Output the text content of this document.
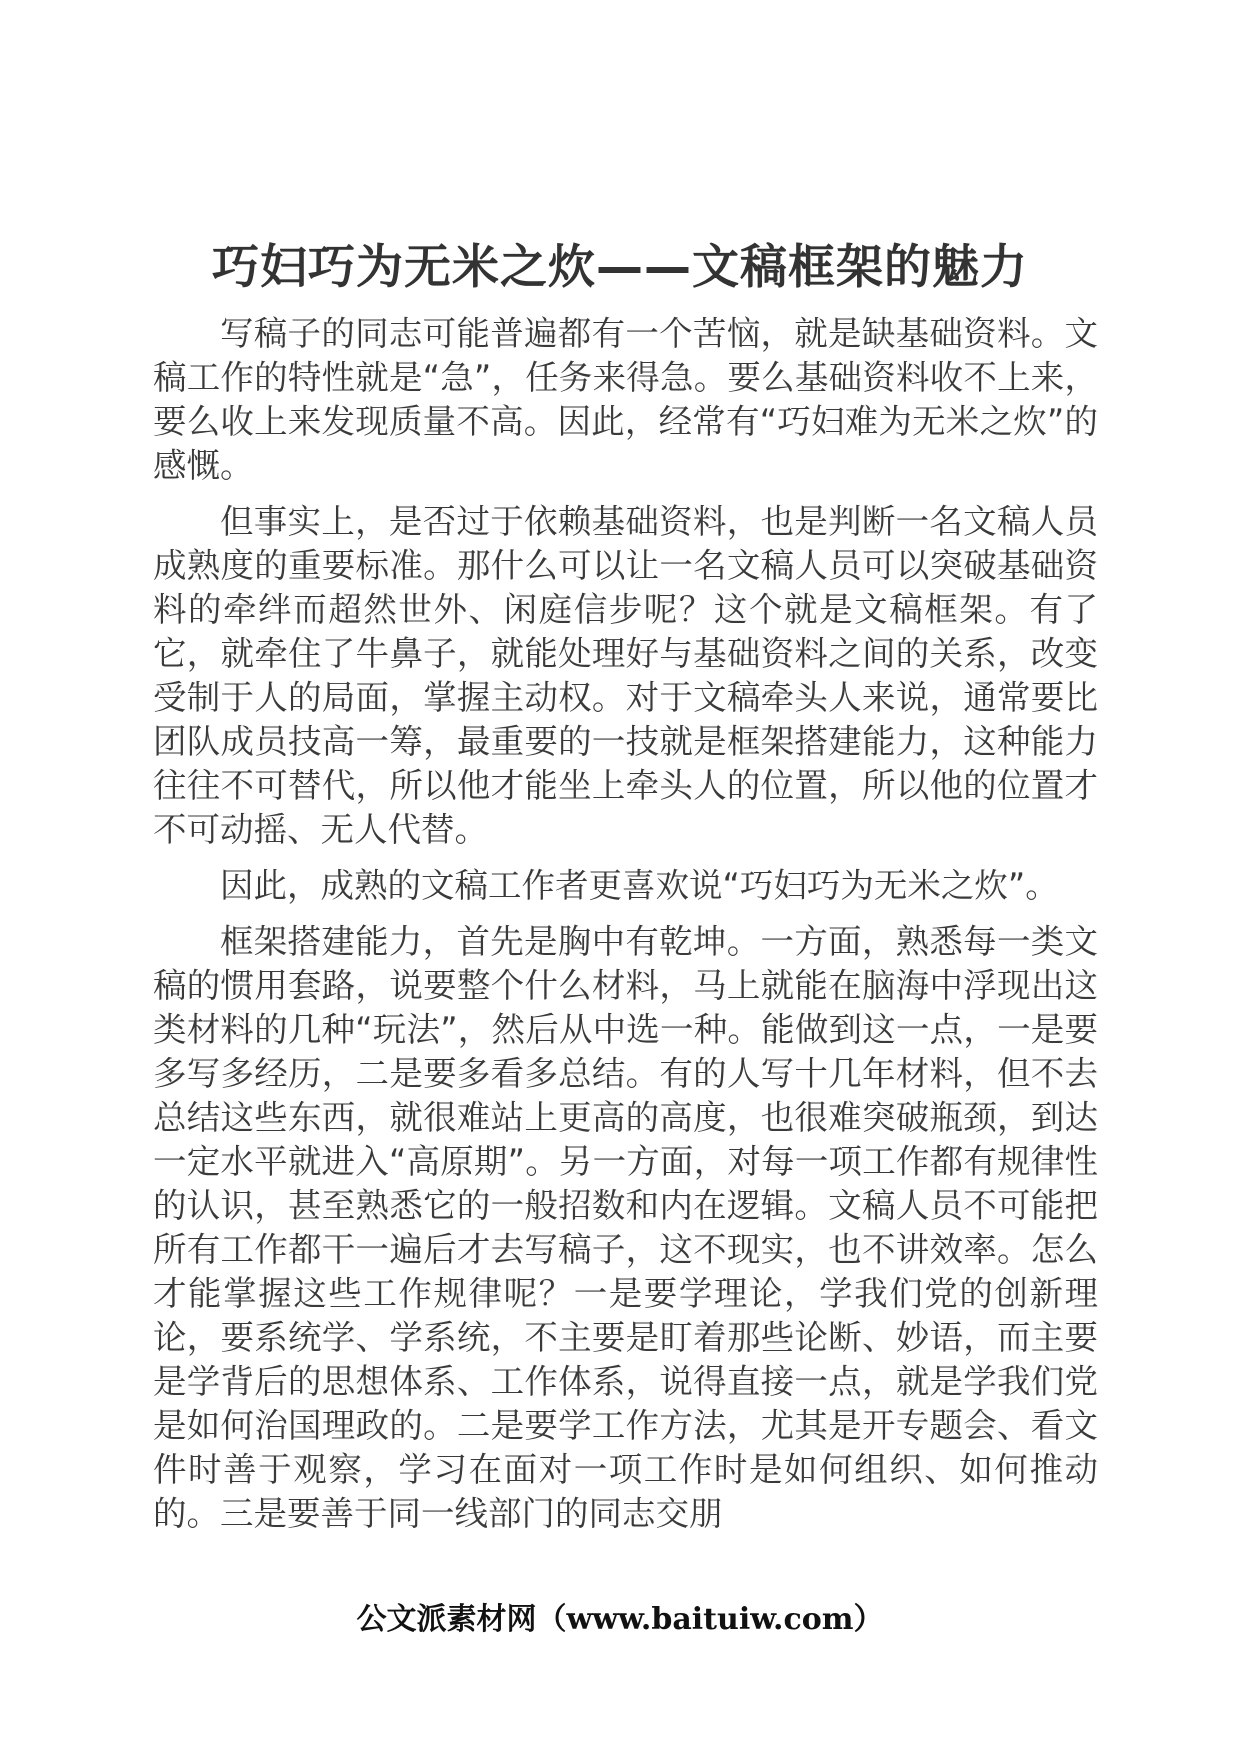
巧妇巧为无米之炊——文稿框架的魅力

写稿子的同志可能普遍都有一个苦恼，就是缺基础资料。文稿工作的特性就是“急”，任务来得急。要么基础资料收不上来，要么收上来发现质量不高。因此，经常有“巧妇难为无米之炊”的感慨。

但事实上，是否过于依赖基础资料，也是判断一名文稿人员成熟度的重要标准。那什么可以让一名文稿人员可以突破基础资料的牵绊而超然世外、闲庭信步呢？这个就是文稿框架。有了它，就牵住了牛鼻子，就能处理好与基础资料之间的关系，改变受制于人的局面，掌握主动权。对于文稿牵头人来说，通常要比团队成员技高一筹，最重要的一技就是框架搭建能力，这种能力往往不可替代，所以他才能坐上牵头人的位置，所以他的位置才不可动摇、无人代替。

因此，成熟的文稿工作者更喜欢说“巧妇巧为无米之炊”。

框架搭建能力，首先是胸中有乾坤。一方面，熟悉每一类文稿的惯用套路，说要整个什么材料，马上就能在脑海中浮现出这类材料的几种“玩法”，然后从中选一种。能做到这一点，一是要多写多经历，二是要多看多总结。有的人写十几年材料，但不去总结这些东西，就很难站上更高的高度，也很难突破瓶颈，到达一定水平就进入“高原期”。另一方面，对每一项工作都有规律性的认识，甚至熟悉它的一般招数和内在逻辑。文稿人员不可能把所有工作都干一遍后才去写稿子，这不现实，也不讲效率。怎么才能掌握这些工作规律呢？一是要学理论，学我们党的创新理论，要系统学、学系统，不主要是盯着那些论断、妙语，而主要是学背后的思想体系、工作体系，说得直接一点，就是学我们党是如何治国理政的。二是要学工作方法，尤其是开专题会、看文件时善于观察，学习在面对一项工作时是如何组织、如何推动的。三是要善于同一线部门的同志交朋

公文派素材网（www.baituiw.com）
